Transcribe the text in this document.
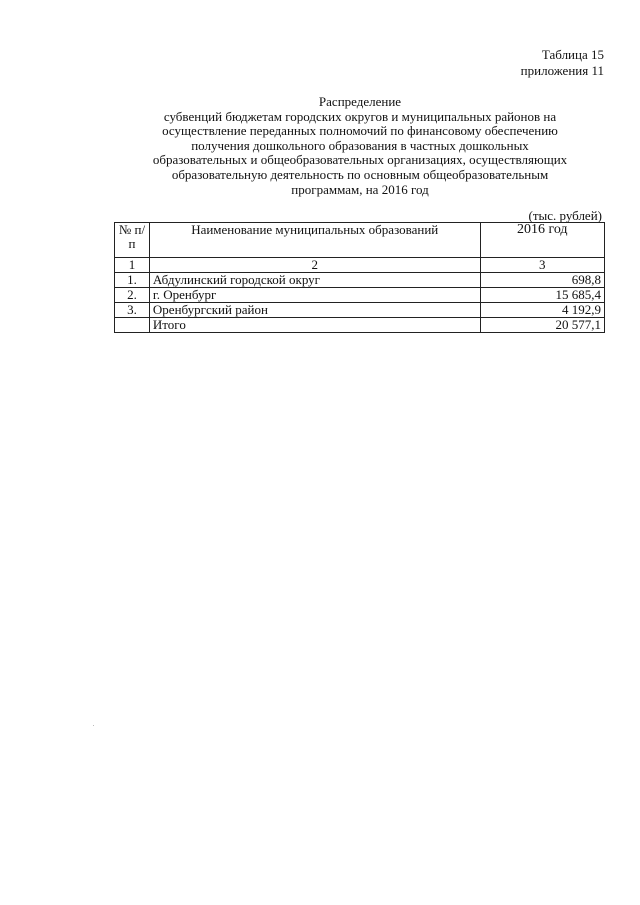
Таблица 15
приложения 11
Распределение
субвенций бюджетам городских округов и муниципальных районов на
осуществление переданных полномочий по финансовому обеспечению
получения дошкольного образования в частных дошкольных
образовательных и общеобразовательных организациях, осуществляющих
образовательную деятельность по основным общеобразовательным
программам, на 2016 год
(тыс. рублей)
№ п/п	Наименование муниципальных образований	2016 год
1	2	3
1.	Абдулинский городской округ	698,8
2.	г. Оренбург	15 685,4
3.	Оренбургский район	4 192,9
	Итого	20 577,1
